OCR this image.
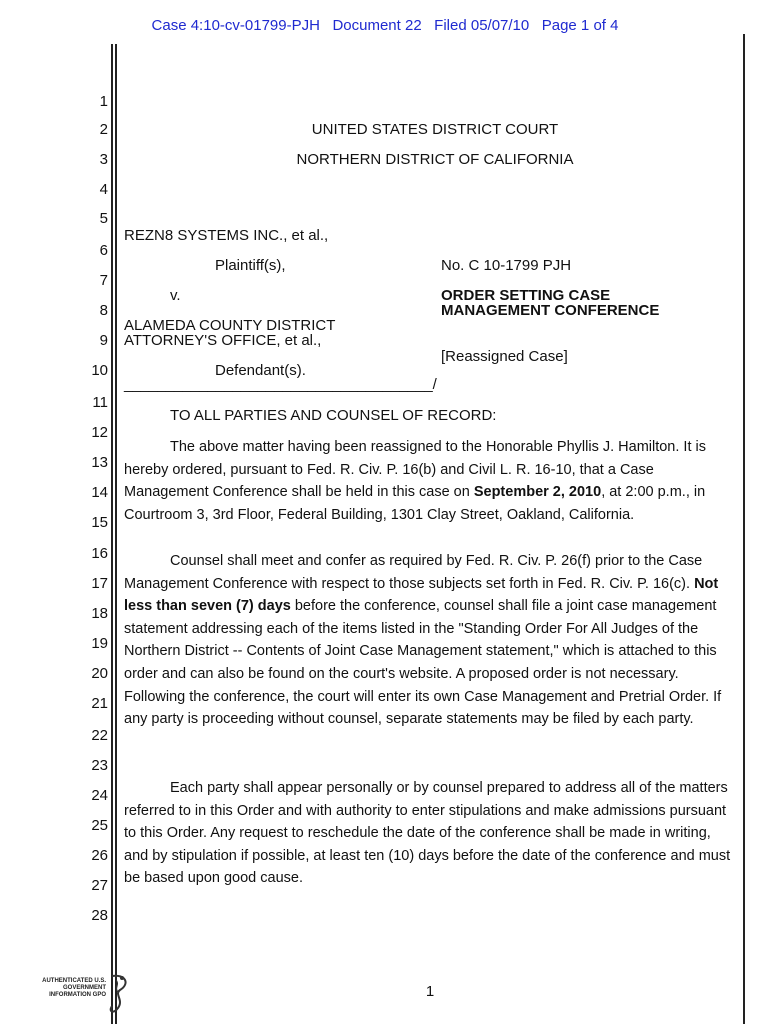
Case 4:10-cv-01799-PJH   Document 22   Filed 05/07/10   Page 1 of 4
1
2
3
4
5
6
7
8
9
10
11
12
13
14
15
16
17
18
19
20
21
22
23
24
25
26
27
28
UNITED STATES DISTRICT COURT
NORTHERN DISTRICT OF CALIFORNIA
REZN8 SYSTEMS INC., et al.,
Plaintiff(s),
v.
ALAMEDA COUNTY DISTRICT
ATTORNEY'S OFFICE, et al.,
Defendant(s).
_____________________________________/
No. C 10-1799 PJH
ORDER SETTING CASE
MANAGEMENT CONFERENCE
[Reassigned Case]
TO ALL PARTIES AND COUNSEL OF RECORD:

The above matter having been reassigned to the Honorable Phyllis J. Hamilton. It is hereby ordered, pursuant to Fed. R. Civ. P. 16(b) and Civil L. R. 16-10, that a Case Management Conference shall be held in this case on September 2, 2010, at 2:00 p.m., in Courtroom 3, 3rd Floor, Federal Building, 1301 Clay Street, Oakland, California.

Counsel shall meet and confer as required by Fed. R. Civ. P. 26(f) prior to the Case Management Conference with respect to those subjects set forth in Fed. R. Civ. P. 16(c). Not less than seven (7) days before the conference, counsel shall file a joint case management statement addressing each of the items listed in the "Standing Order For All Judges of the Northern District -- Contents of Joint Case Management statement," which is attached to this order and can also be found on the court's website. A proposed order is not necessary. Following the conference, the court will enter its own Case Management and Pretrial Order. If any party is proceeding without counsel, separate statements may be filed by each party.

Each party shall appear personally or by counsel prepared to address all of the matters referred to in this Order and with authority to enter stipulations and make admissions pursuant to this Order. Any request to reschedule the date of the conference shall be made in writing, and by stipulation if possible, at least ten (10) days before the date of the conference and must be based upon good cause.

1
AUTHENTICATED U.S. GOVERNMENT INFORMATION GPO
